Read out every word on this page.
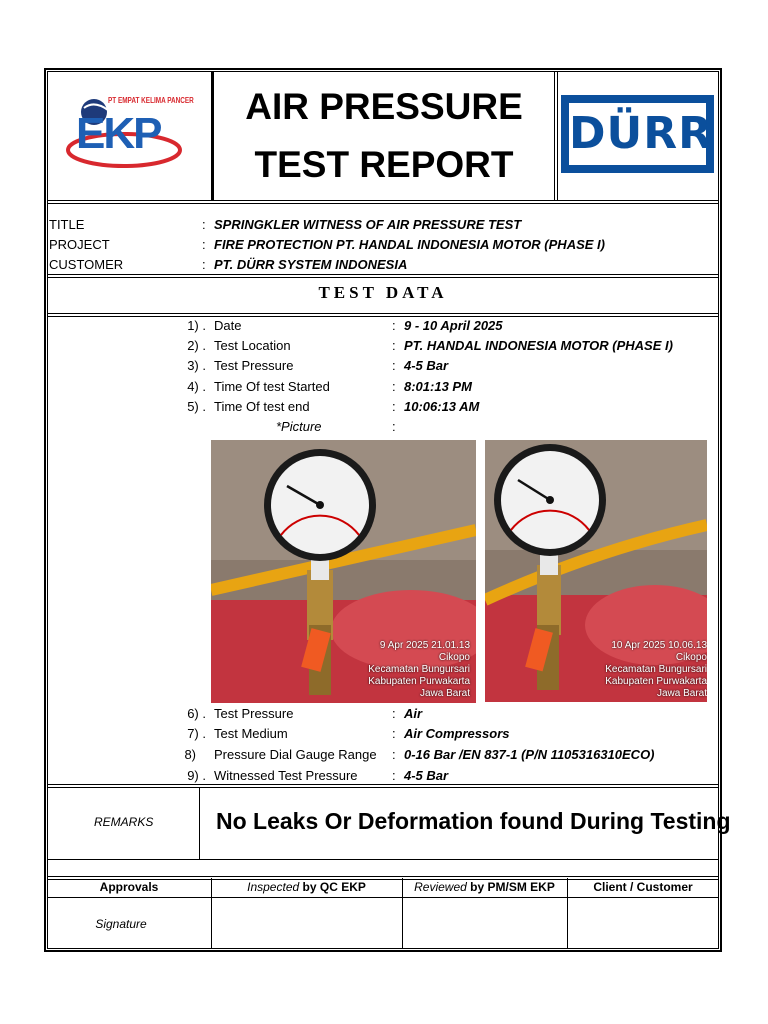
PT EMPAT KELIMA PANCER
EKP
AIR PRESSURE
TEST REPORT
DÜRR
TITLE	: SPRINGKLER WITNESS OF AIR PRESSURE TEST
PROJECT	: FIRE PROTECTION PT. HANDAL INDONESIA MOTOR (PHASE I)
CUSTOMER	: PT. DÜRR SYSTEM INDONESIA
TEST DATA
1) . Date	: 9 - 10 April 2025
2) . Test Location	: PT. HANDAL INDONESIA MOTOR (PHASE I)
3) . Test Pressure	: 4-5 Bar
4) . Time Of test Started	: 8:01:13 PM
5) . Time Of test end	: 10:06:13 AM
*Picture	:
9 Apr 2025 21.01.13
Cikopo
Kecamatan Bungursari
Kabupaten Purwakarta
Jawa Barat
10 Apr 2025 10.06.13
Cikopo
Kecamatan Bungursari
Kabupaten Purwakarta
Jawa Barat
6) . Test Pressure	: Air
7) . Test Medium	: Air Compressors
8) Pressure Dial Gauge Range : 0-16 Bar /EN 837-1 (P/N 1105316310ECO)
9) . Witnessed Test Pressure	: 4-5 Bar
REMARKS	No Leaks Or Deformation found During Testing
Approvals	Inspected by QC EKP	Reviewed by PM/SM EKP	Client / Customer
Signature
